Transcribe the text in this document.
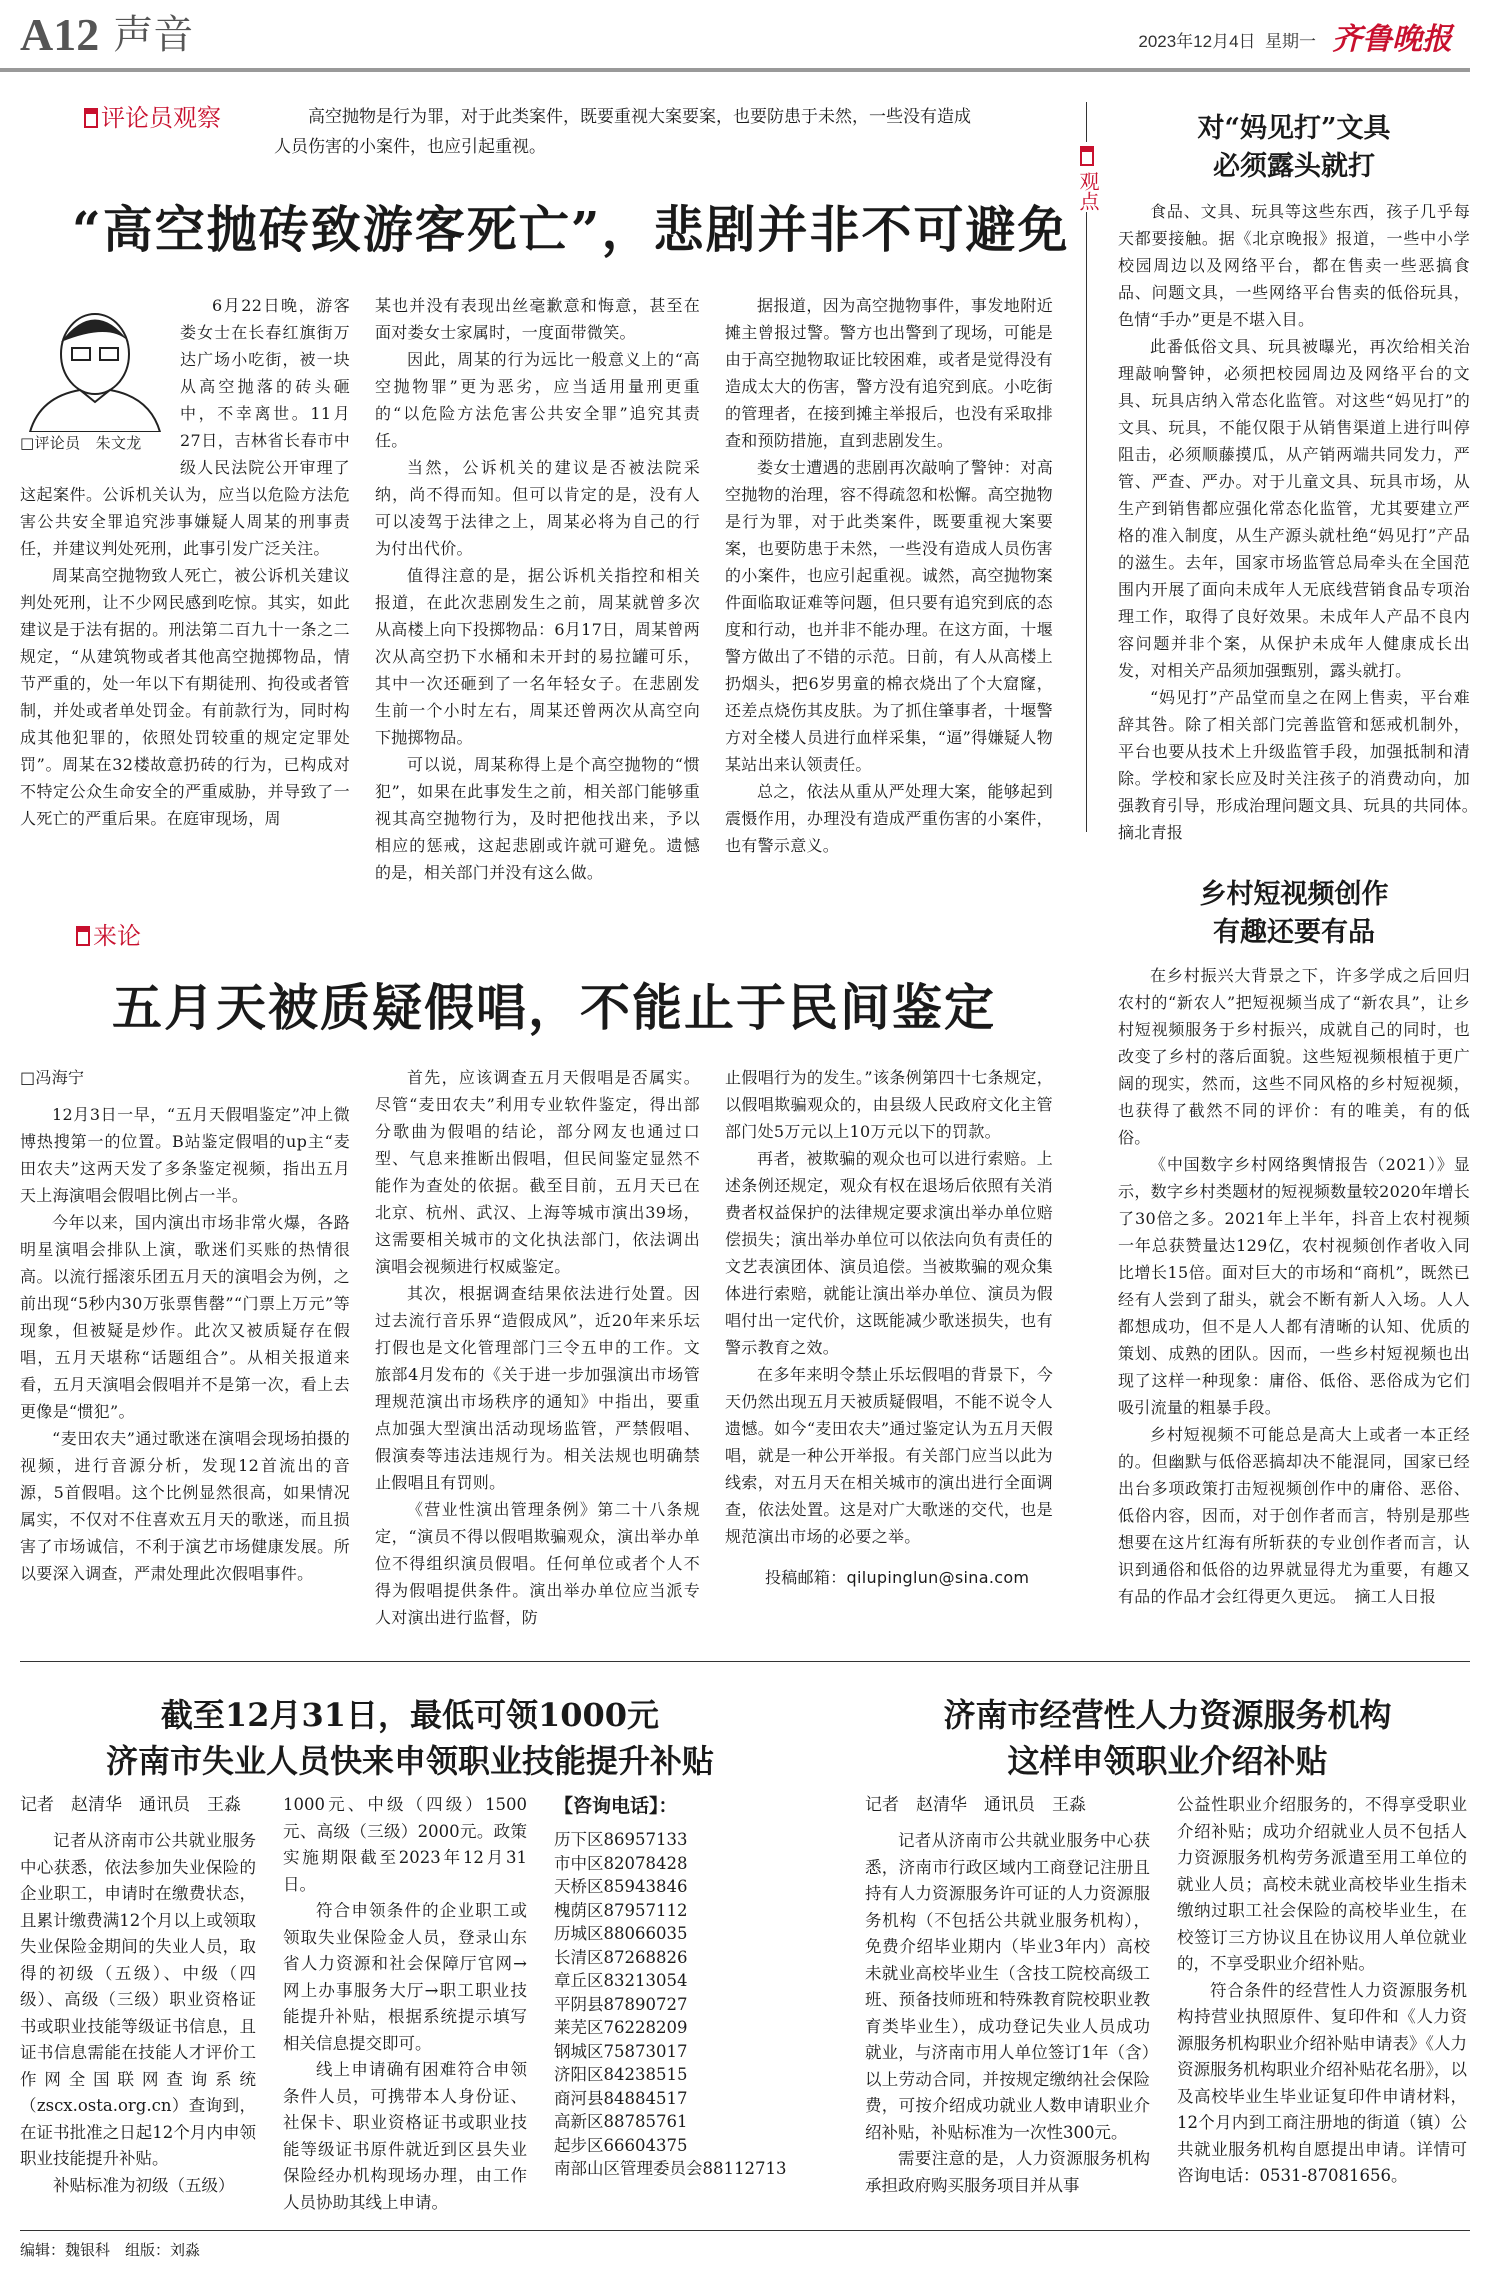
A12 声音	2023年12月4日 星期一 齐鲁晚报
评论员观察	高空抛物是行为罪，对于此类案件，既要重视大案要案，也要防患于未然，一些没有造成人员伤害的小案件，也应引起重视。
“高空抛砖致游客死亡”，悲剧并非不可避免
□评论员　朱文龙

6月22日晚，游客娄女士在长春红旗街万达广场小吃街，被一块从高空抛落的砖头砸中，不幸离世。11月27日，吉林省长春市中级人民法院公开审理了这起案件。公诉机关认为，应当以危险方法危害公共安全罪追究涉事嫌疑人周某的刑事责任，并建议判处死刑，此事引发广泛关注。

周某高空抛物致人死亡，被公诉机关建议判处死刑，让不少网民感到吃惊。其实，如此建议是于法有据的。刑法第二百九十一条之二规定，“从建筑物或者其他高空抛掷物品，情节严重的，处一年以下有期徒刑、拘役或者管制，并处或者单处罚金。有前款行为，同时构成其他犯罪的，依照处罚较重的规定定罪处罚”。周某在32楼故意扔砖的行为，已构成对不特定公众生命安全的严重威胁，并导致了一人死亡的严重后果。在庭审现场，周

某也并没有表现出丝毫歉意和悔意，甚至在面对娄女士家属时，一度面带微笑。

因此，周某的行为远比一般意义上的“高空抛物罪”更为恶劣，应当适用量刑更重的“以危险方法危害公共安全罪”追究其责任。

当然，公诉机关的建议是否被法院采纳，尚不得而知。但可以肯定的是，没有人可以凌驾于法律之上，周某必将为自己的行为付出代价。

值得注意的是，据公诉机关指控和相关报道，在此次悲剧发生之前，周某就曾多次从高楼上向下投掷物品：6月17日，周某曾两次从高空扔下水桶和未开封的易拉罐可乐，其中一次还砸到了一名年轻女子。在悲剧发生前一个小时左右，周某还曾两次从高空向下抛掷物品。

可以说，周某称得上是个高空抛物的“惯犯”，如果在此事发生之前，相关部门能够重视其高空抛物行为，及时把他找出来，予以相应的惩戒，这起悲剧或许就可避免。遗憾的是，相关部门并没有这么做。

据报道，因为高空抛物事件，事发地附近摊主曾报过警。警方也出警到了现场，可能是由于高空抛物取证比较困难，或者是觉得没有造成太大的伤害，警方没有追究到底。小吃街的管理者，在接到摊主举报后，也没有采取排查和预防措施，直到悲剧发生。

娄女士遭遇的悲剧再次敲响了警钟：对高空抛物的治理，容不得疏忽和松懈。高空抛物是行为罪，对于此类案件，既要重视大案要案，也要防患于未然，一些没有造成人员伤害的小案件，也应引起重视。诚然，高空抛物案件面临取证难等问题，但只要有追究到底的态度和行动，也并非不能办理。在这方面，十堰警方做出了不错的示范。日前，有人从高楼上扔烟头，把6岁男童的棉衣烧出了个大窟窿，还差点烧伤其皮肤。为了抓住肇事者，十堰警方对全楼人员进行血样采集，“逼”得嫌疑人物某站出来认领责任。

总之，依法从重从严处理大案，能够起到震慑作用，办理没有造成严重伤害的小案件，也有警示意义。

来论
五月天被质疑假唱，不能止于民间鉴定
□冯海宁

12月3日一早，“五月天假唱鉴定”冲上微博热搜第一的位置。B站鉴定假唱的up主“麦田农夫”这两天发了多条鉴定视频，指出五月天上海演唱会假唱比例占一半。

今年以来，国内演出市场非常火爆，各路明星演唱会排队上演，歌迷们买账的热情很高。以流行摇滚乐团五月天的演唱会为例，之前出现“5秒内30万张票售罄”“门票上万元”等现象，但被疑是炒作。此次又被质疑存在假唱，五月天堪称“话题组合”。从相关报道来看，五月天演唱会假唱并不是第一次，看上去更像是“惯犯”。

“麦田农夫”通过歌迷在演唱会现场拍摄的视频，进行音源分析，发现12首流出的音源，5首假唱。这个比例显然很高，如果情况属实，不仅对不住喜欢五月天的歌迷，而且损害了市场诚信，不利于演艺市场健康发展。所以要深入调查，严肃处理此次假唱事件。

首先，应该调查五月天假唱是否属实。尽管“麦田农夫”利用专业软件鉴定，得出部分歌曲为假唱的结论，部分网友也通过口型、气息来推断出假唱，但民间鉴定显然不能作为查处的依据。截至目前，五月天已在北京、杭州、武汉、上海等城市演出39场，这需要相关城市的文化执法部门，依法调出演唱会视频进行权威鉴定。

其次，根据调查结果依法进行处置。因过去流行音乐界“造假成风”，近20年来乐坛打假也是文化管理部门三令五申的工作。文旅部4月发布的《关于进一步加强演出市场管理规范演出市场秩序的通知》中指出，要重点加强大型演出活动现场监管，严禁假唱、假演奏等违法违规行为。相关法规也明确禁止假唱且有罚则。

《营业性演出管理条例》第二十八条规定，“演员不得以假唱欺骗观众，演出举办单位不得组织演员假唱。任何单位或者个人不得为假唱提供条件。演出举办单位应当派专人对演出进行监督，防

止假唱行为的发生。”该条例第四十七条规定，以假唱欺骗观众的，由县级人民政府文化主管部门处5万元以上10万元以下的罚款。

再者，被欺骗的观众也可以进行索赔。上述条例还规定，观众有权在退场后依照有关消费者权益保护的法律规定要求演出举办单位赔偿损失；演出举办单位可以依法向负有责任的文艺表演团体、演员追偿。当被欺骗的观众集体进行索赔，就能让演出举办单位、演员为假唱付出一定代价，这既能减少歌迷损失，也有警示教育之效。

在多年来明令禁止乐坛假唱的背景下，今天仍然出现五月天被质疑假唱，不能不说令人遗憾。如今“麦田农夫”通过鉴定认为五月天假唱，就是一种公开举报。有关部门应当以此为线索，对五月天在相关城市的演出进行全面调查，依法处置。这是对广大歌迷的交代，也是规范演出市场的必要之举。

投稿邮箱：qilupinglun@sina.com
观点
对“妈见打”文具
必须露头就打

食品、文具、玩具等这些东西，孩子几乎每天都要接触。据《北京晚报》报道，一些中小学校园周边以及网络平台，都在售卖一些恶搞食品、问题文具，一些网络平台售卖的低俗玩具，色情“手办”更是不堪入目。

此番低俗文具、玩具被曝光，再次给相关治理敲响警钟，必须把校园周边及网络平台的文具、玩具店纳入常态化监管。对这些“妈见打”的文具、玩具，不能仅限于从销售渠道上进行叫停阻击，必须顺藤摸瓜，从产销两端共同发力，严管、严查、严办。对于儿童文具、玩具市场，从生产到销售都应强化常态化监管，尤其要建立严格的准入制度，从生产源头就杜绝“妈见打”产品的滋生。去年，国家市场监管总局牵头在全国范围内开展了面向未成年人无底线营销食品专项治理工作，取得了良好效果。未成年人产品不良内容问题并非个案，从保护未成年人健康成长出发，对相关产品须加强甄别，露头就打。

“妈见打”产品堂而皇之在网上售卖，平台难辞其咎。除了相关部门完善监管和惩戒机制外，平台也要从技术上升级监管手段，加强抵制和清除。学校和家长应及时关注孩子的消费动向，加强教育引导，形成治理问题文具、玩具的共同体。　摘北青报

乡村短视频创作
有趣还要有品

在乡村振兴大背景之下，许多学成之后回归农村的“新农人”把短视频当成了“新农具”，让乡村短视频服务于乡村振兴，成就自己的同时，也改变了乡村的落后面貌。这些短视频根植于更广阔的现实，然而，这些不同风格的乡村短视频，也获得了截然不同的评价：有的唯美，有的低俗。

《中国数字乡村网络舆情报告（2021）》显示，数字乡村类题材的短视频数量较2020年增长了30倍之多。2021年上半年，抖音上农村视频一年总获赞量达129亿，农村视频创作者收入同比增长15倍。面对巨大的市场和“商机”，既然已经有人尝到了甜头，就会不断有新人入场。人人都想成功，但不是人人都有清晰的认知、优质的策划、成熟的团队。因而，一些乡村短视频也出现了这样一种现象：庸俗、低俗、恶俗成为它们吸引流量的粗暴手段。

乡村短视频不可能总是高大上或者一本正经的。但幽默与低俗恶搞却决不能混同，国家已经出台多项政策打击短视频创作中的庸俗、恶俗、低俗内容，因而，对于创作者而言，特别是那些想要在这片红海有所斩获的专业创作者而言，认识到通俗和低俗的边界就显得尤为重要，有趣又有品的作品才会红得更久更远。　摘工人日报

截至12月31日，最低可领1000元
济南市失业人员快来申领职业技能提升补贴
记者　赵清华　通讯员　王淼

记者从济南市公共就业服务中心获悉，依法参加失业保险的企业职工，申请时在缴费状态，且累计缴费满12个月以上或领取失业保险金期间的失业人员，取得的初级（五级）、中级（四级）、高级（三级）职业资格证书或职业技能等级证书信息，且证书信息需能在技能人才评价工作网全国联网查询系统（zscx.osta.org.cn）查询到，在证书批准之日起12个月内申领职业技能提升补贴。

补贴标准为初级（五级）

1000元、中级（四级）1500元、高级（三级）2000元。政策实施期限截至2023年12月31日。

符合申领条件的企业职工或领取失业保险金人员，登录山东省人力资源和社会保障厅官网→网上办事服务大厅→职工职业技能提升补贴，根据系统提示填写相关信息提交即可。

线上申请确有困难符合申领条件人员，可携带本人身份证、社保卡、职业资格证书或职业技能等级证书原件就近到区县失业保险经办机构现场办理，由工作人员协助其线上申请。

【咨询电话】：
历下区86957133
市中区82078428
天桥区85943846
槐荫区87957112
历城区88066035
长清区87268826
章丘区83213054
平阴县87890727
莱芜区76228209
钢城区75873017
济阳区84238515
商河县84884517
高新区88785761
起步区66604375
南部山区管理委员会88112713
济南市经营性人力资源服务机构
这样申领职业介绍补贴
记者　赵清华　通讯员　王淼

记者从济南市公共就业服务中心获悉，济南市行政区域内工商登记注册且持有人力资源服务许可证的人力资源服务机构（不包括公共就业服务机构），免费介绍毕业期内（毕业3年内）高校未就业高校毕业生（含技工院校高级工班、预备技师班和特殊教育院校职业教育类毕业生），成功登记失业人员成功就业，与济南市用人单位签订1年（含）以上劳动合同，并按规定缴纳社会保险费，可按介绍成功就业人数申请职业介绍补贴，补贴标准为一次性300元。

需要注意的是，人力资源服务机构承担政府购买服务项目并从事

公益性职业介绍服务的，不得享受职业介绍补贴；成功介绍就业人员不包括人力资源服务机构劳务派遣至用工单位的就业人员；高校未就业高校毕业生指未缴纳过职工社会保险的高校毕业生，在校签订三方协议且在协议用人单位就业的，不享受职业介绍补贴。

符合条件的经营性人力资源服务机构持营业执照原件、复印件和《人力资源服务机构职业介绍补贴申请表》《人力资源服务机构职业介绍补贴花名册》，以及高校毕业生毕业证复印件申请材料，12个月内到工商注册地的街道（镇）公共就业服务机构自愿提出申请。详情可咨询电话：0531-87081656。

编辑：魏银科　组版：刘淼
